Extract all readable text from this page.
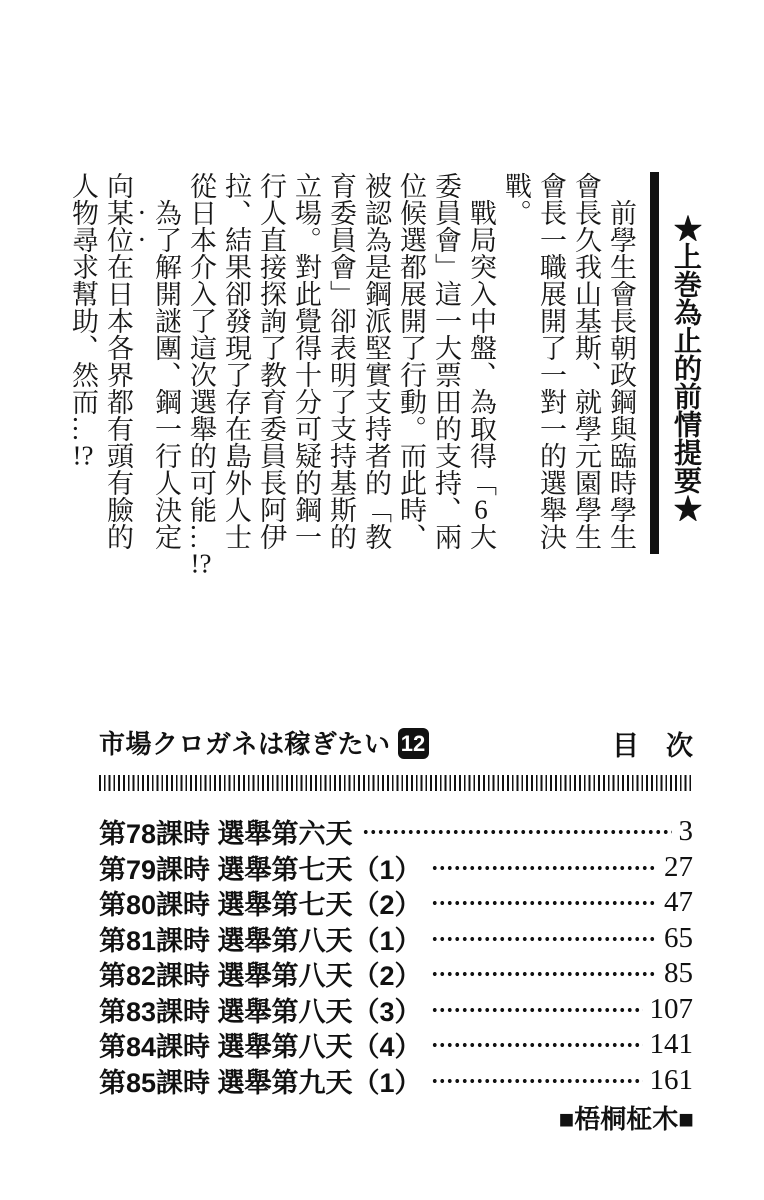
★上巻為止的前情提要★
　前學生會長朝政鋼與臨時學生
會長久我山基斯、就學元園學生
會長一職展開了一對一的選舉決
戰。
　戰局突入中盤、為取得「6大
委員會」這一大票田的支持、兩
位候選都展開了行動。而此時、
被認為是鋼派堅實支持者的「教
育委員會」卻表明了支持基斯的
立場。對此覺得十分可疑的鋼一
行人直接探詢了教育委員長阿伊
拉、結果卻發現了存在島外人士
從日本介入了這次選舉的可能…!?
　為了解開謎團、鋼一行人決定
向某位在日本各界都有頭有臉的
人物尋求幫助、然而…!?
市場クロガネは稼ぎたい 12	目　次
第78課時 選舉第六天	3
第79課時 選舉第七天（1）	27
第80課時 選舉第七天（2）	47
第81課時 選舉第八天（1）	65
第82課時 選舉第八天（2）	85
第83課時 選舉第八天（3）	107
第84課時 選舉第八天（4）	141
第85課時 選舉第九天（1）	161
■梧桐柾木■
